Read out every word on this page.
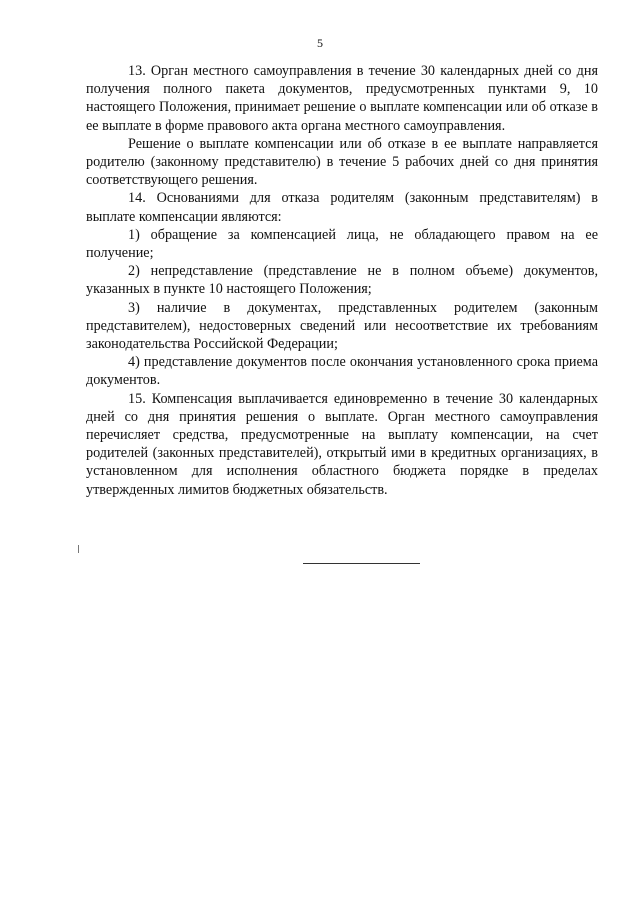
5

13. Орган местного самоуправления в течение 30 календарных дней со дня получения полного пакета документов, предусмотренных пунктами 9, 10 настоящего Положения, принимает решение о выплате компенсации или об отказе в ее выплате в форме правового акта органа местного самоуправления.

Решение о выплате компенсации или об отказе в ее выплате направляется родителю (законному представителю) в течение 5 рабочих дней со дня принятия соответствующего решения.

14. Основаниями для отказа родителям (законным представителям) в выплате компенсации являются:

1) обращение за компенсацией лица, не обладающего правом на ее получение;

2) непредставление (представление не в полном объеме) документов, указанных в пункте 10 настоящего Положения;

3) наличие в документах, представленных родителем (законным представителем), недостоверных сведений или несоответствие их требованиям законодательства Российской Федерации;

4) представление документов после окончания установленного срока приема документов.

15. Компенсация выплачивается единовременно в течение 30 календарных дней со дня принятия решения о выплате. Орган местного самоуправления перечисляет средства, предусмотренные на выплату компенсации, на счет родителей (законных представителей), открытый ими в кредитных организациях, в установленном для исполнения областного бюджета порядке в пределах утвержденных лимитов бюджетных обязательств.
